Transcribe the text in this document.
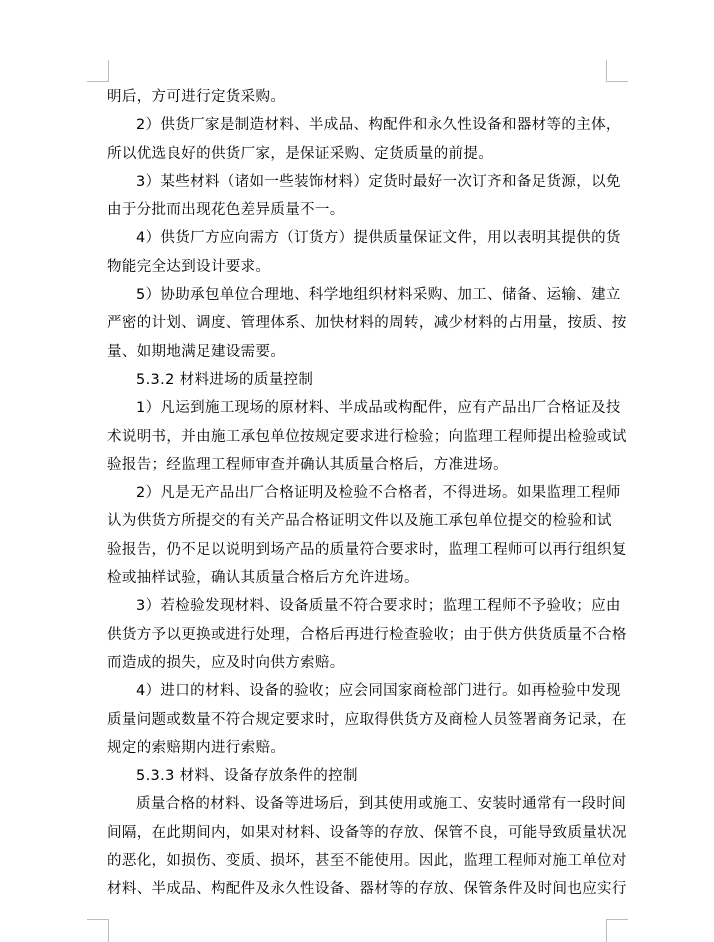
明后，方可进行定货采购。
2）供货厂家是制造材料、半成品、构配件和永久性设备和器材等的主体，
所以优选良好的供货厂家，是保证采购、定货质量的前提。
3）某些材料（诸如一些装饰材料）定货时最好一次订齐和备足货源，以免
由于分批而出现花色差异质量不一。
4）供货厂方应向需方（订货方）提供质量保证文件，用以表明其提供的货
物能完全达到设计要求。
5）协助承包单位合理地、科学地组织材料采购、加工、储备、运输、建立
严密的计划、调度、管理体系、加快材料的周转，减少材料的占用量，按质、按
量、如期地满足建设需要。
5.3.2 材料进场的质量控制
1）凡运到施工现场的原材料、半成品或构配件，应有产品出厂合格证及技
术说明书，并由施工承包单位按规定要求进行检验；向监理工程师提出检验或试
验报告；经监理工程师审查并确认其质量合格后，方准进场。
2）凡是无产品出厂合格证明及检验不合格者，不得进场。如果监理工程师
认为供货方所提交的有关产品合格证明文件以及施工承包单位提交的检验和试
验报告，仍不足以说明到场产品的质量符合要求时，监理工程师可以再行组织复
检或抽样试验，确认其质量合格后方允许进场。
3）若检验发现材料、设备质量不符合要求时；监理工程师不予验收；应由
供货方予以更换或进行处理，合格后再进行检查验收；由于供方供货质量不合格
而造成的损失，应及时向供方索赔。
4）进口的材料、设备的验收；应会同国家商检部门进行。如再检验中发现
质量问题或数量不符合规定要求时，应取得供货方及商检人员签署商务记录，在
规定的索赔期内进行索赔。
5.3.3 材料、设备存放条件的控制
质量合格的材料、设备等进场后，到其使用或施工、安装时通常有一段时间
间隔，在此期间内，如果对材料、设备等的存放、保管不良，可能导致质量状况
的恶化，如损伤、变质、损坏，甚至不能使用。因此，监理工程师对施工单位对
材料、半成品、构配件及永久性设备、器材等的存放、保管条件及时间也应实行
